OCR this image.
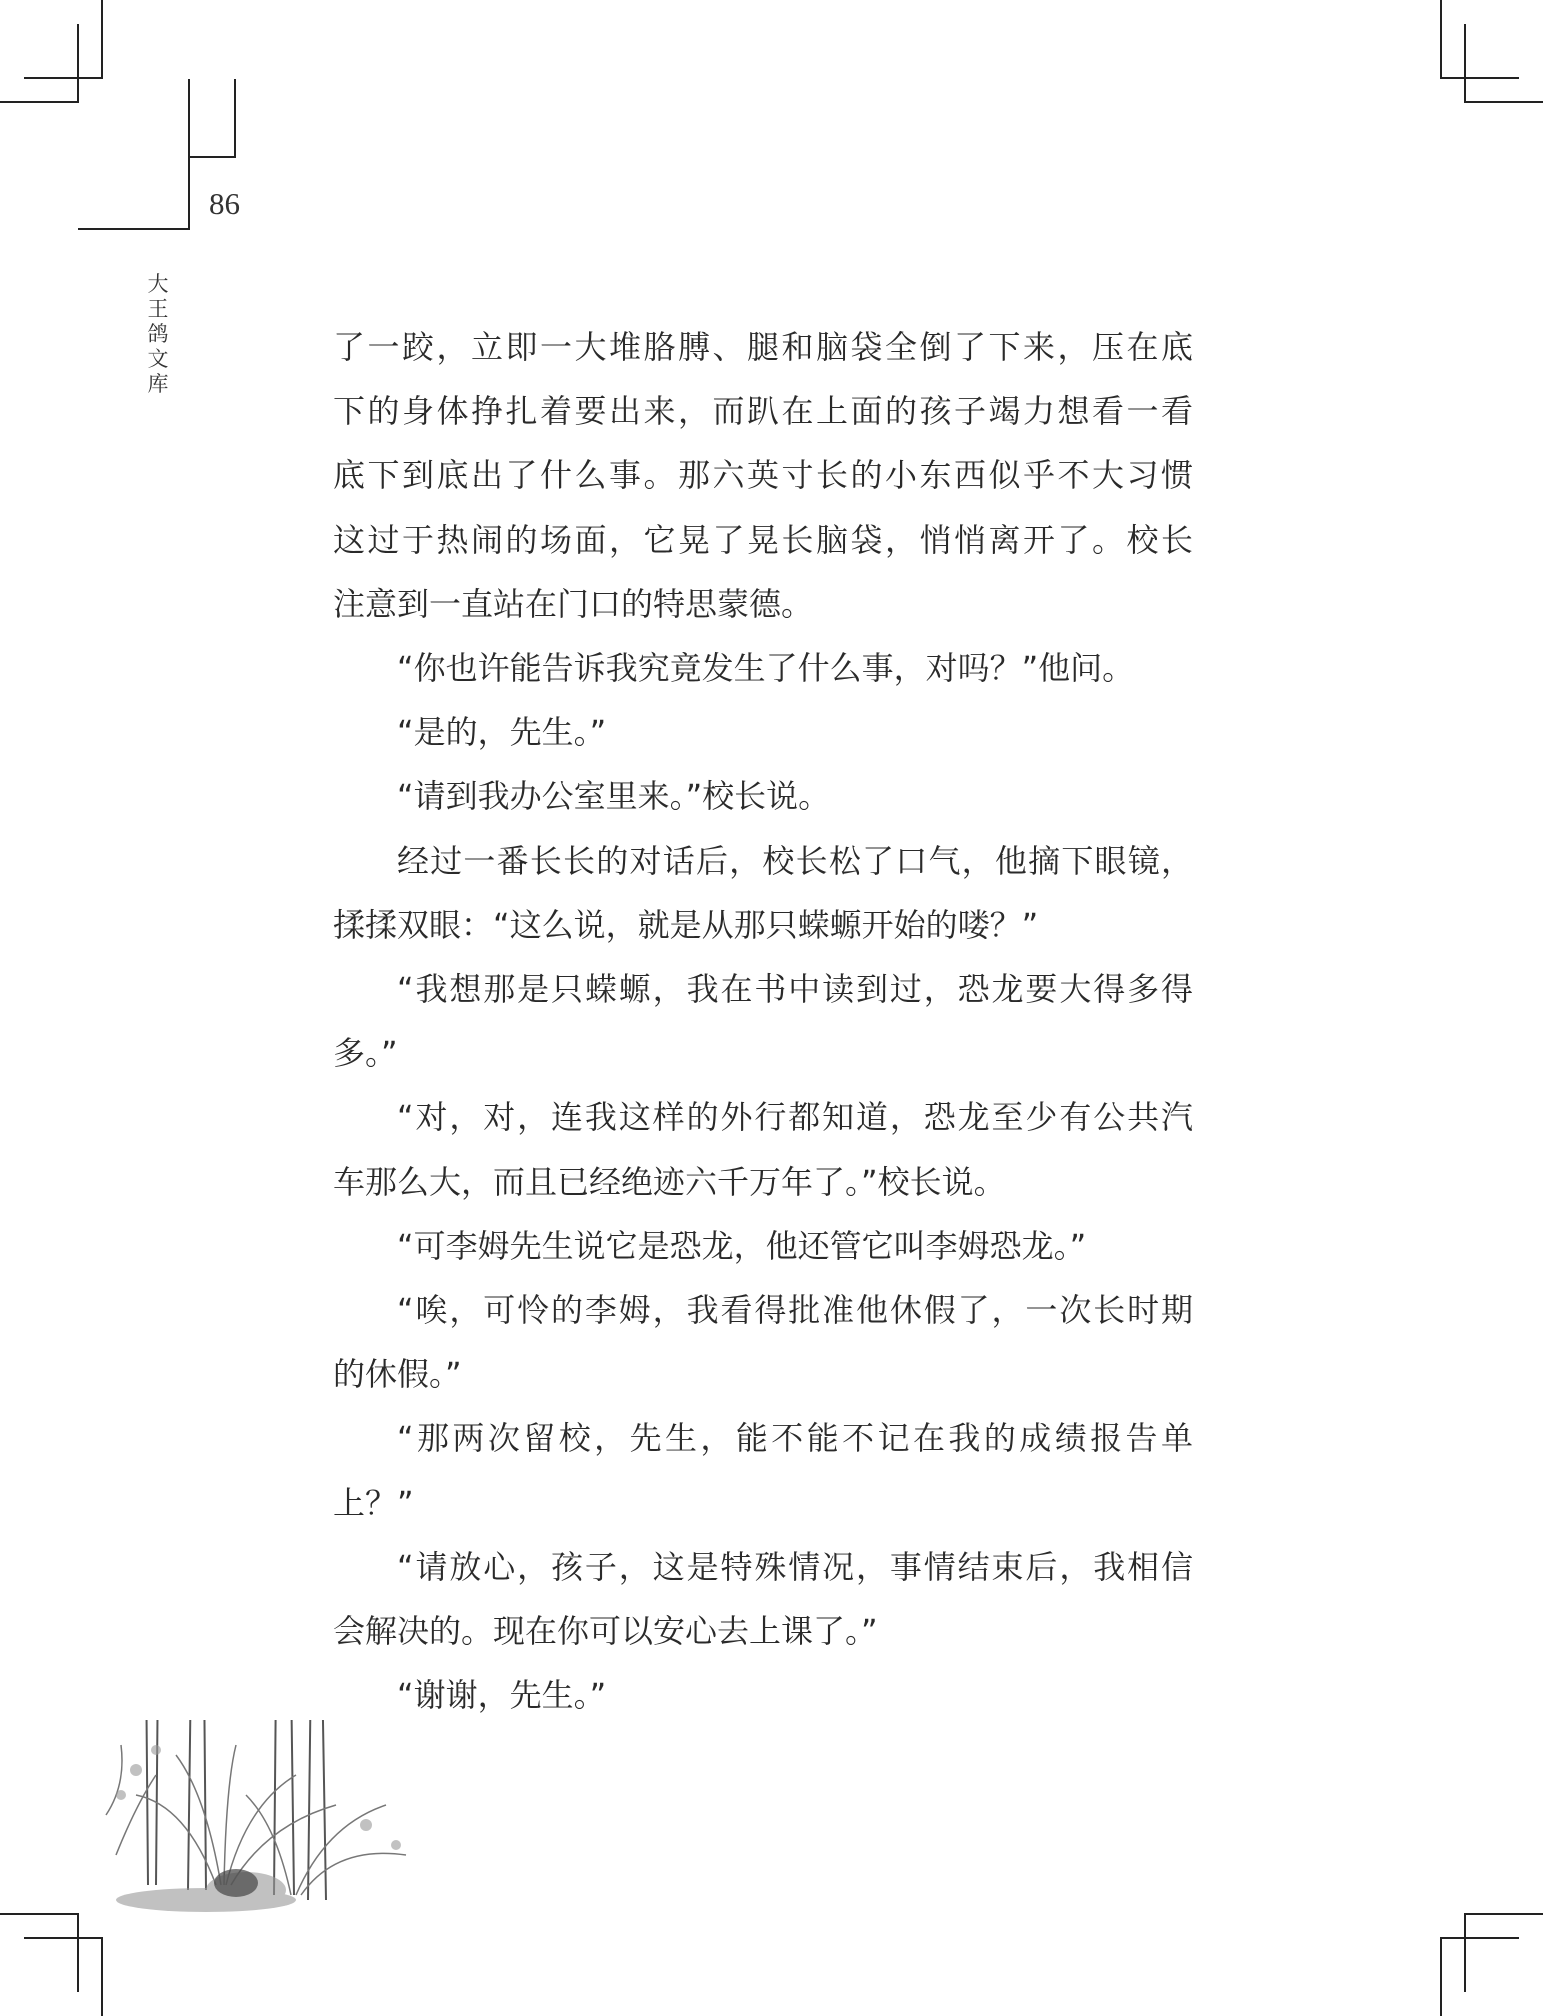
86
大王鸽文库
了一跤，立即一大堆胳膊、腿和脑袋全倒了下来，压在底
下的身体挣扎着要出来，而趴在上面的孩子竭力想看一看
底下到底出了什么事。那六英寸长的小东西似乎不大习惯
这过于热闹的场面，它晃了晃长脑袋，悄悄离开了。校长
注意到一直站在门口的特思蒙德。
“你也许能告诉我究竟发生了什么事，对吗？”他问。
“是的，先生。”
“请到我办公室里来。”校长说。
经过一番长长的对话后，校长松了口气，他摘下眼镜，
揉揉双眼：“这么说，就是从那只蝾螈开始的喽？”
“我想那是只蝾螈，我在书中读到过，恐龙要大得多得
多。”
“对，对，连我这样的外行都知道，恐龙至少有公共汽
车那么大，而且已经绝迹六千万年了。”校长说。
“可李姆先生说它是恐龙，他还管它叫李姆恐龙。”
“唉，可怜的李姆，我看得批准他休假了，一次长时期
的休假。”
“那两次留校，先生，能不能不记在我的成绩报告单
上？”
“请放心，孩子，这是特殊情况，事情结束后，我相信
会解决的。现在你可以安心去上课了。”
“谢谢，先生。”
